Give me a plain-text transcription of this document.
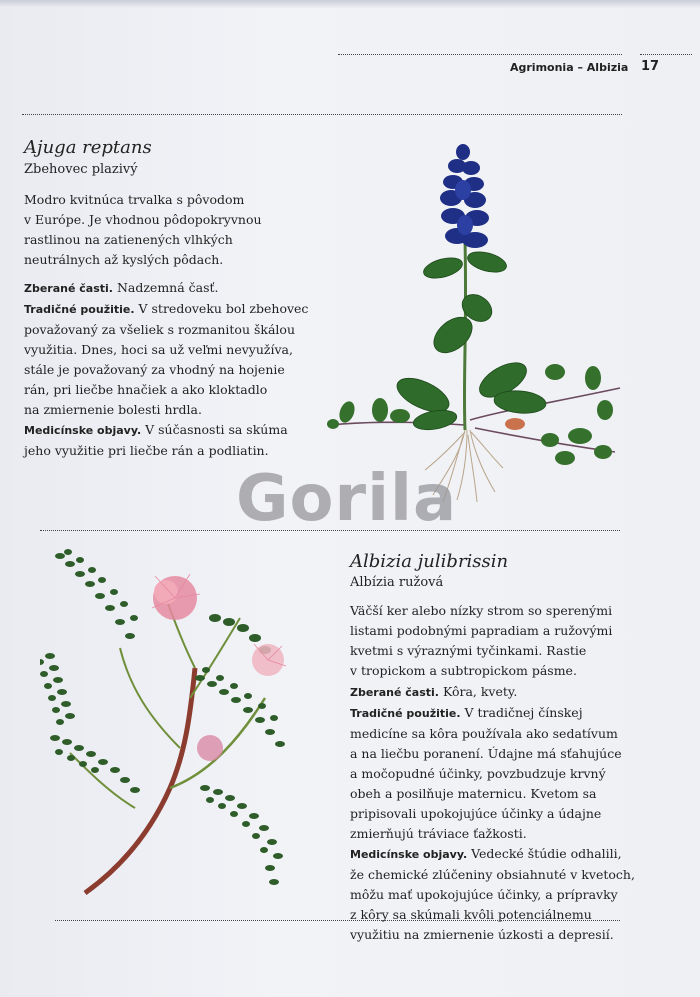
Agrimonia – Albizia 17
Ajuga reptans
Zbehovec plazivý
Modro kvitnúca trvalka s pôvodom
v Európe. Je vhodnou pôdopokryvnou
rastlinou na zatienených vlhkých
neutrálnych až kyslých pôdach.
Zberané časti. Nadzemná časť.
Tradičné použitie. V stredoveku bol zbehovec
považovaný za všeliek s rozmanitou škálou
využitia. Dnes, hoci sa už veľmi nevyužíva,
stále je považovaný za vhodný na hojenie
rán, pri liečbe hnačiek a ako kloktadlo
na zmiernenie bolesti hrdla.
Medicínske objavy. V súčasnosti sa skúma
jeho využitie pri liečbe rán a podliatin.
Gorila
Albizia julibrissin
Albízia ružová
Väčší ker alebo nízky strom so sperenými
listami podobnými papradiam a ružovými
kvetmi s výraznými tyčinkami. Rastie
v tropickom a subtropickom pásme.
Zberané časti. Kôra, kvety.
Tradičné použitie. V tradičnej čínskej
medicíne sa kôra používala ako sedatívum
a na liečbu poranení. Údajne má sťahujúce
a močopudné účinky, povzbudzuje krvný
obeh a posilňuje maternicu. Kvetom sa
pripisovali upokojujúce účinky a údajne
zmierňujú tráviace ťažkosti.
Medicínske objavy. Vedecké štúdie odhalili,
že chemické zlúčeniny obsiahnuté v kvetoch,
môžu mať upokojujúce účinky, a prípravky
z kôry sa skúmali kvôli potenciálnemu
využitiu na zmiernenie úzkosti a depresií.
